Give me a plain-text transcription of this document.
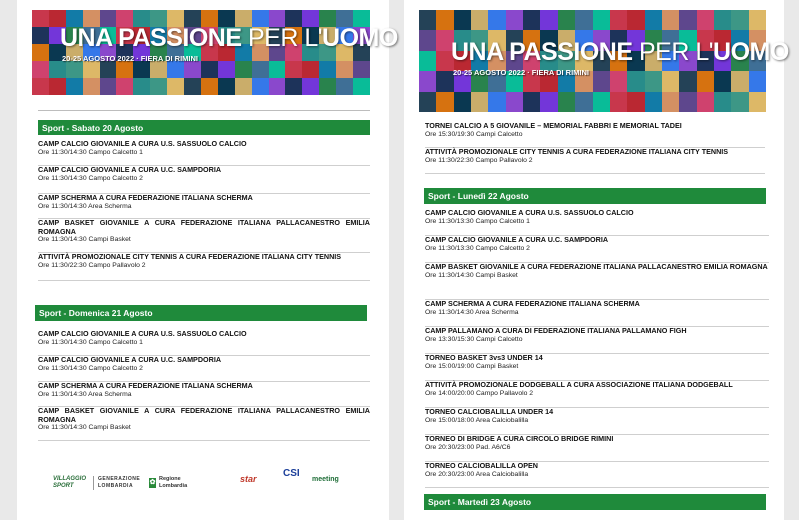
UNA PASSIONE PER L'UOMO
20-25 AGOSTO 2022 · FIERA DI RIMINI
Sport - Sabato 20 Agosto
CAMP CALCIO GIOVANILE A CURA U.S. SASSUOLO CALCIO
Ore 11:30/14:30 Campo Calcetto 1
CAMP CALCIO GIOVANILE A CURA U.C. SAMPDORIA
Ore 11:30/14:30 Campo Calcetto 2
CAMP SCHERMA A CURA FEDERAZIONE ITALIANA SCHERMA
Ore 11:30/14:30 Area Scherma
CAMP BASKET GIOVANILE A CURA FEDERAZIONE ITALIANA PALLACANESTRO EMILIA ROMAGNA
Ore 11:30/14:30 Campi Basket
ATTIVITÀ PROMOZIONALE CITY TENNIS A CURA FEDERAZIONE ITALIANA CITY TENNIS
Ore 11:30/22:30 Campo Pallavolo 2
Sport - Domenica 21 Agosto
CAMP CALCIO GIOVANILE A CURA U.S. SASSUOLO CALCIO
Ore 11:30/14:30 Campo Calcetto 1
CAMP CALCIO GIOVANILE A CURA U.C. SAMPDORIA
Ore 11:30/14:30 Campo Calcetto 2
CAMP SCHERMA A CURA FEDERAZIONE ITALIANA SCHERMA
Ore 11:30/14:30 Area Scherma
CAMP BASKET GIOVANILE A CURA FEDERAZIONE ITALIANA PALLACANESTRO EMILIA ROMAGNA
Ore 11:30/14:30 Campi Basket
VILLAGGIO SPORT
GENERAZIONE LOMBARDIA	✿ Regione Lombardia
star	CSI
meeting
UNA PASSIONE PER L'UOMO
20-25 AGOSTO 2022 · FIERA DI RIMINI
TORNEI CALCIO A 5 GIOVANILE – MEMORIAL FABBRI E MEMORIAL TADEI
Ore 15:30/19:30 Campi Calcetto
ATTIVITÀ PROMOZIONALE CITY TENNIS A CURA FEDERAZIONE ITALIANA CITY TENNIS
Ore 11:30/22:30 Campo Pallavolo 2
Sport - Lunedì 22 Agosto
CAMP CALCIO GIOVANILE A CURA U.S. SASSUOLO CALCIO
Ore 11:30/13:30 Campo Calcetto 1
CAMP CALCIO GIOVANILE A CURA U.C. SAMPDORIA
Ore 11:30/13:30 Campo Calcetto 2
CAMP BASKET GIOVANILE A CURA FEDERAZIONE ITALIANA PALLACANESTRO EMILIA ROMAGNA
Ore 11:30/14:30 Campi Basket
CAMP SCHERMA A CURA FEDERAZIONE ITALIANA SCHERMA
Ore 11:30/14:30 Area Scherma
CAMP PALLAMANO A CURA DI FEDERAZIONE ITALIANA PALLAMANO FIGH
Ore 13:30/15:30 Campi Calcetto
TORNEO BASKET 3vs3 UNDER 14
Ore 15:00/19:00 Campi Basket
ATTIVITÀ PROMOZIONALE DODGEBALL A CURA ASSOCIAZIONE ITALIANA DODGEBALL
Ore 14:00/20:00 Campo Pallavolo 2
TORNEO CALCIOBALILLA UNDER 14
Ore 15:00/18:00 Area Calciobalilla
TORNEO DI BRIDGE A CURA CIRCOLO BRIDGE RIMINI
Ore 20:30/23:00 Pad. A6/C6
TORNEO CALCIOBALILLA OPEN
Ore 20:30/23:00 Area Calciobalilla
Sport - Martedì 23 Agosto
